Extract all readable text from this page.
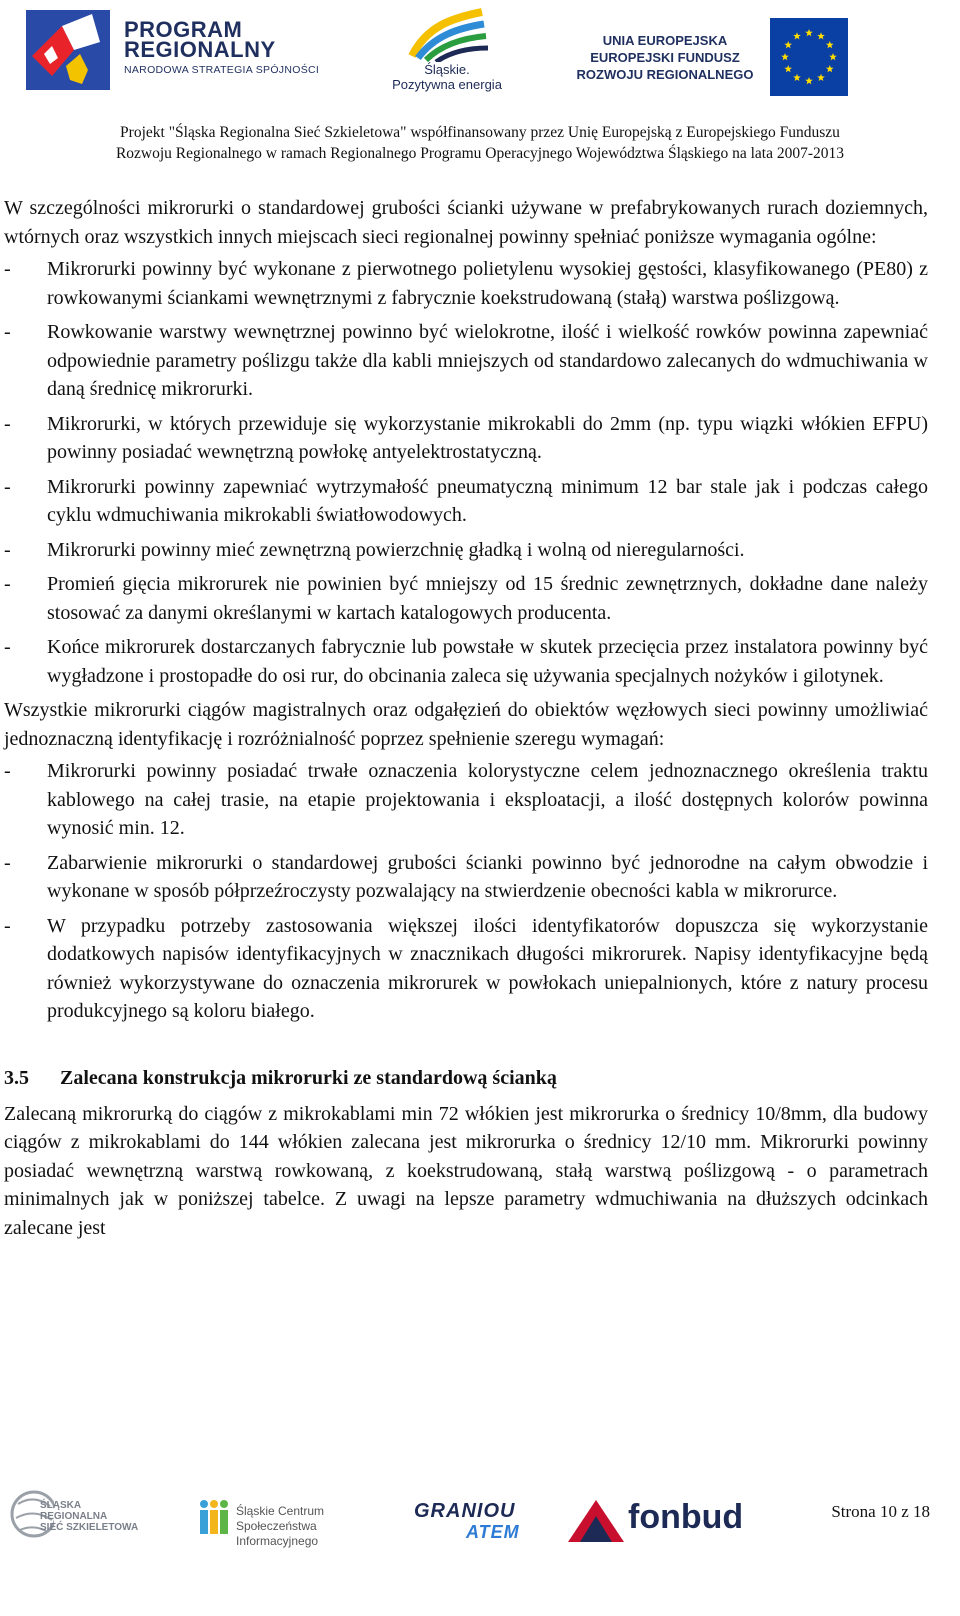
PROGRAM
REGIONALNY
NARODOWA STRATEGIA SPÓJNOŚCI	Śląskie.
Pozytywna energia
UNIA EUROPEJSKA
EUROPEJSKI FUNDUSZ
ROZWOJU REGIONALNEGO
Projekt "Śląska Regionalna Sieć Szkieletowa" współfinansowany przez Unię Europejską z Europejskiego Funduszu
Rozwoju Regionalnego w ramach Regionalnego Programu Operacyjnego Województwa Śląskiego na lata 2007-2013

W szczególności mikrorurki o standardowej grubości ścianki używane w prefabrykowanych rurach doziemnych, wtórnych oraz wszystkich innych miejscach sieci regionalnej powinny spełniać poniższe wymagania ogólne:

- Mikrorurki powinny być wykonane z pierwotnego polietylenu wysokiej gęstości, klasyfikowanego (PE80) z rowkowanymi ściankami wewnętrznymi z fabrycznie koekstrudowaną (stałą) warstwa poślizgową.
- Rowkowanie warstwy wewnętrznej powinno być wielokrotne, ilość i wielkość rowków powinna zapewniać odpowiednie parametry poślizgu także dla kabli mniejszych od standardowo zalecanych do wdmuchiwania w daną średnicę mikrorurki.
- Mikrorurki, w których przewiduje się wykorzystanie mikrokabli do 2mm (np. typu wiązki włókien EFPU) powinny posiadać wewnętrzną powłokę antyelektrostatyczną.
- Mikrorurki powinny zapewniać wytrzymałość pneumatyczną minimum 12 bar stale jak i podczas całego cyklu wdmuchiwania mikrokabli światłowodowych.
- Mikrorurki powinny mieć zewnętrzną powierzchnię gładką i wolną od nieregularności.
- Promień gięcia mikrorurek nie powinien być mniejszy od 15 średnic zewnętrznych, dokładne dane należy stosować za danymi określanymi w kartach katalogowych producenta.
- Końce mikrorurek dostarczanych fabrycznie lub powstałe w skutek przecięcia przez instalatora powinny być wygładzone i prostopadłe do osi rur, do obcinania zaleca się używania specjalnych nożyków i gilotynek.

Wszystkie mikrorurki ciągów magistralnych oraz odgałęzień do obiektów węzłowych sieci powinny umożliwiać jednoznaczną identyfikację i rozróżnialność poprzez spełnienie szeregu wymagań:

- Mikrorurki powinny posiadać trwałe oznaczenia kolorystyczne celem jednoznacznego określenia traktu kablowego na całej trasie, na etapie projektowania i eksploatacji, a ilość dostępnych kolorów powinna wynosić min. 12.
- Zabarwienie mikrorurki o standardowej grubości ścianki powinno być jednorodne na całym obwodzie i wykonane w sposób półprzeźroczysty pozwalający na stwierdzenie obecności kabla w mikrorurce.
- W przypadku potrzeby zastosowania większej ilości identyfikatorów dopuszcza się wykorzystanie dodatkowych napisów identyfikacyjnych w znacznikach długości mikrorurek. Napisy identyfikacyjne będą również wykorzystywane do oznaczenia mikrorurek w powłokach uniepalnionych, które z natury procesu produkcyjnego są koloru białego.
3.5 Zalecana konstrukcja mikrorurki ze standardową ścianką

Zalecaną mikrorurką do ciągów z mikrokablami min 72 włókien jest mikrorurka o średnicy 10/8mm, dla budowy ciągów z mikrokablami do 144 włókien zalecana jest mikrorurka o średnicy 12/10 mm. Mikrorurki powinny posiadać wewnętrzną warstwą rowkowaną, z koekstrudowaną, stałą warstwą poślizgową - o parametrach minimalnych jak w poniższej tabelce. Z uwagi na lepsze parametry wdmuchiwania na dłuższych odcinkach zalecane jest

ŚLĄSKA
REGIONALNA
SIEĆ SZKIELETOWA
Śląskie Centrum
Społeczeństwa Informacyjnego
GRANIOU
ATEM	fonbud	Strona 10 z 18
